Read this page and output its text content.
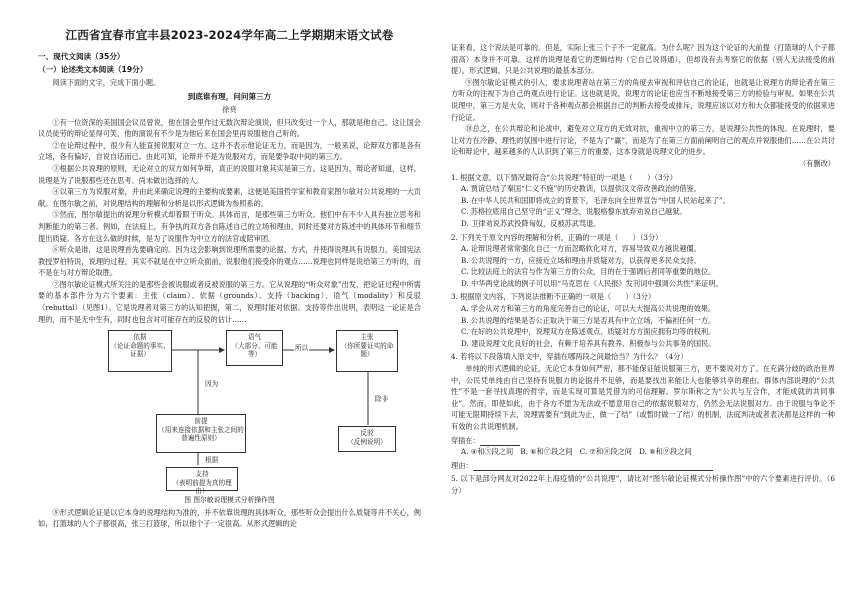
江西省宜春市宜丰县2023-2024学年高二上学期期末语文试卷
一、现代文阅读（35分）
（一）论述类文本阅读（19分）

阅读下面的文字，完成下面小题。

到底谁有理，问问第三方

徐贲

①有一位资深的美国国会议员曾说，他在国会里作过无数次辩论演说，但只改变过一个人，那就是他自己。这让国会议员徒劳的辩论显得可笑，他的演说有不少是为他后来在国会里再说服他自己听的。

②在论辩过程中，很少有人能直接说服对立一方。这并不表示他论证无力，而是因为，一般来说，论辩双方都是各有立场，各有偏好，自说自话而已。由此可知，论辩并不是为说服对方，而是要争取中间的第三方。

③根据公共说理的原则，无论对立的双方如何争辩，真正的说服对象其实是第三方。这是因为，辩论者知道，这样，说理是为了说服那些还在思考、尚未做出选择的人。

④以第三方为说服对象，并由此来确定说理的主要构成要素，这便是美国哲学家和教育家图尔敏对公共说理的一大贡献。在图尔敏之前，对说理结构的理解和分析是以形式逻辑为参照系的。

⑤然而，图尔敏提出的说理分析模式却着眼于听众。具体而言，是那些第三方听众。他们中有不少人具有独立思考和判断能力的第三者。例如，在法庭上，有争执的双方各自陈述自己的立场和理由，同时还要对方陈述中的具体环节和细节提出质疑。各方在这么做的时候，是为了说服作为中立方的法官或陪审团。

⑥听众是谁，这是说理首先要确定的。因为这会影响到说理所需要的论据、方式，并使得说理具有说服力，美国宪法教授罗伯特说，说理的过程，其实不就是在中立听众面前，说服他们接受你的观点……说理也同样是说给第三方听的，而不是在与对方辩论取胜。

⑦图尔敏论证模式所关注的是那些会被说服或者反被说服的第三方。它从说理的“听众对象”出发，把论证过程中所需要的基本部件分为六个要素：主张（claim）、依据（grounds）、支持（backing）、语气（modality）和反驳（rebuttal）（见图1）。它是说理者对第三方的认知把握，第二，说理时能对依据、支持等作出说明，表明这一论证是合理的，而不是无中生有，同时也包含对可能存在的反驳的估计……

依据
（论证命题的事实、证据）
语气
（大部分、可能等）
主张
（你所要证实的命题）
前提
（用来连接依据和主张之间的普遍性原则）
支持
（表明前提为真的理由）
反驳
（反例说明）
所以
因为
除非
根据

图 图尔敏说理模式分析操作图

⑧形式逻辑论证是以它本身的说理结构为准的，并不依靠说理的具体听众，那些听众会提出什么质疑等并不关心，例如，打篮球的人个子都很高，张三打篮球，所以他个子一定很高。从形式逻辑的论

证来看，这个说法是可靠的。但是，实际上张三个子不一定就高。为什么呢？因为这个论证的大前提（打篮球的人个子都很高）本身并不可靠。这样的说理是看它的逻辑结构（它自己说得通），但却没有去考察它的依据（别人无法接受的前提）。形式逻辑，只是公共说理的最基本部分。

⑨图尔敏论证模式的引入，要求说理者站在第三方的角度去审视和评估自己的论证，也就是让说理方的辩论者在第三方听众的注视下为自己的观点进行论证。这也就是说，说理方的论证也应当不断地接受第三方的检验与审视。如果在公共说理中，第三方是大众，则对于各种观点都会根据自己的判断去接受或排斥，说理应该以对方和大众都能接受的依据来进行论证。

⑩总之，在公共辩论和论战中，避免对立双方的无效对抗，重视中立的第三方，是说理公共性的体现。在说理时，要让对方在冷静、理性的氛围中进行讨论，不是为了“赢”，而是为了在第三方面前阐明自己的观点并说服他们……在公共讨论和辩论中，越来越多的人认识到了第三方的重要，这本身就是说理文化的进步。

（有删改）

1. 根据文意，以下情况最符合“公共说理”特征的一项是（　　）（3分）

A. 贾谊总结了秦国“仁义不施”的历史教训，以提供汉文帝改善政治的借鉴。

B. 在中华人民共和国即将成立的背景下，毛泽东向全世界宣告“中国人民站起来了”。

C. 苏格拉底用自己坚守的“正义”理念，说服格黎东放弃劝说自己越狱。

D. 卫律劝说苏武投降匈奴，反被苏武骂退。

2. 下列关于原文内容的理解和分析，正确的一项是（　　）（3分）

A. 论辩说理者常常强化自己一方而忽略软化对方，容易导致双方越说越僵。

B. 公共说理的一方，应接近立场和理由并质疑对方，以获得更多民众支持。

C. 比较法庭上的法官与作为第三方的公众，目的在于强调后者同等重要的地位。

D. 中华两党论战的例子可以用“马克思在《人民报》发刊词中强调公共性”来证明。

3. 根据原文内容，下列说法推断不正确的一项是（　　）（3分）

A. 学会从对方和第三方的角度完善自己的论证，可以大大提高公共说理的效果。

B. 公共说理的结果是否公正取决于第三方是否具有中立立场，不偏袒任何一方。

C. 在好的公共说理中，说理双方在陈述观点、质疑对方方面应拥有均等的权利。

D. 建设说理文化良好的社会，有赖于培养具有教养、积极参与公共事务的国民。

4. 若将以下段落填入原文中，穿插在哪两段之间最恰当？为什么？（4分）

单纯的形式逻辑的论证，无论它本身如何严密，都不能保证能说服第三方，更不要说对方了。在充满分歧的政治世界中，公民凭单纯由自己坚持有说服力的论据并不足够，而是要找出来能让人也能够共享的理由。群体内部说理的“公共性”不是一套寻找真理的哲学，而是实现可算是凭借为的可信理解。罗尔斯称之为“公共与互合作，才能成就的共同事业”。然而，即使如此，由于各方不愿为无法或不愿意用自己的依据说服对方，仍然会无法说服对方。由于说服与争论不可能无限期持续下去，说理需要有“到此为止，做一了结”（或暂时做一了结）的机制，法庭判决或者表决都是这样的一种有效的公共说理机制。

穿插在：

A. ④和⑤段之间　B. ⑥和⑦段之间　C. ⑦和⑧段之间　D. ⑧和⑨段之间

理由：

5. 以下是部分网友对2022年上海疫情的“公共说理”，请比对“图尔敏论证模式分析操作图”中的六个要素进行评价。（6分）
